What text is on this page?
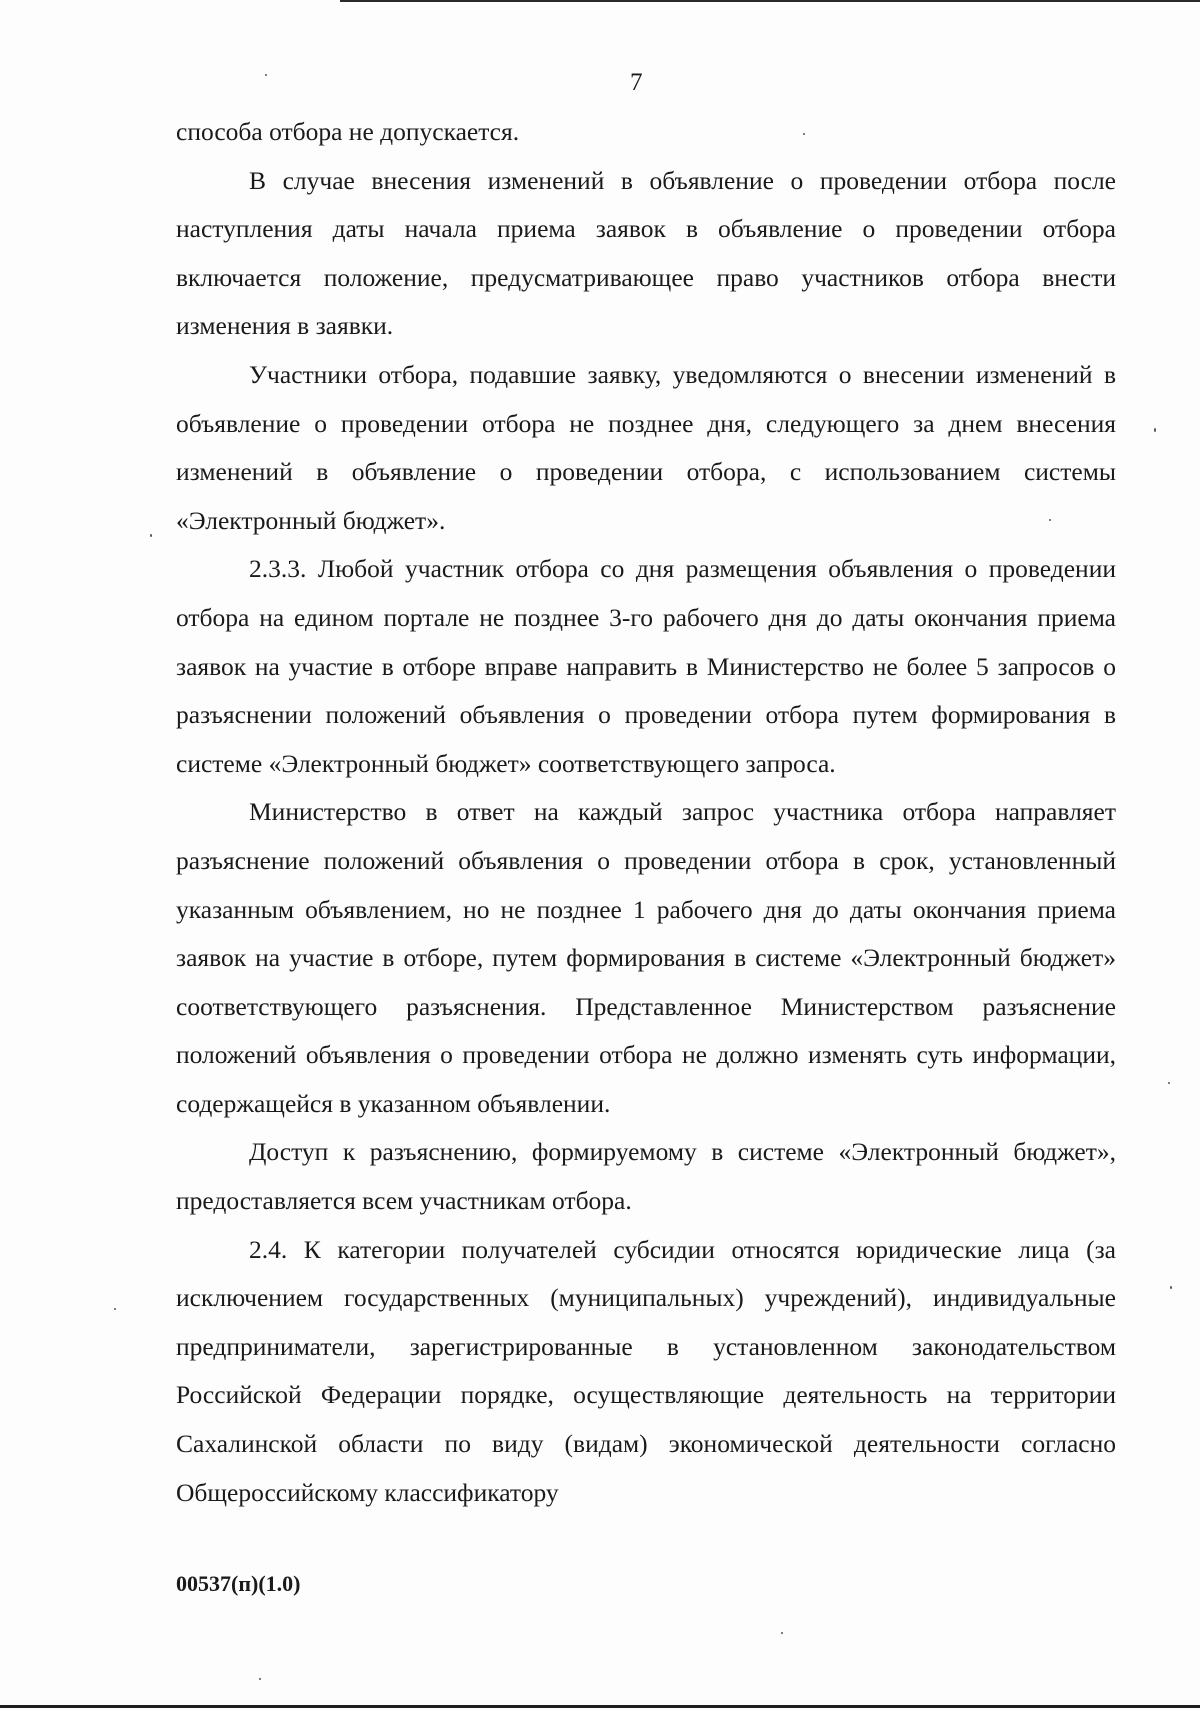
7

способа отбора не допускается.

В случае внесения изменений в объявление о проведении отбора после наступления даты начала приема заявок в объявление о проведении отбора включается положение, предусматривающее право участников отбора внести изменения в заявки.

Участники отбора, подавшие заявку, уведомляются о внесении изменений в объявление о проведении отбора не позднее дня, следующего за днем внесения изменений в объявление о проведении отбора, с использованием системы «Электронный бюджет».

2.3.3. Любой участник отбора со дня размещения объявления о проведении отбора на едином портале не позднее 3-го рабочего дня до даты окончания приема заявок на участие в отборе вправе направить в Министерство не более 5 запросов о разъяснении положений объявления о проведении отбора путем формирования в системе «Электронный бюджет» соответствующего запроса.

Министерство в ответ на каждый запрос участника отбора направляет разъяснение положений объявления о проведении отбора в срок, установленный указанным объявлением, но не позднее 1 рабочего дня до даты окончания приема заявок на участие в отборе, путем формирования в системе «Электронный бюджет» соответствующего разъяснения. Представленное Министерством разъяснение положений объявления о проведении отбора не должно изменять суть информации, содержащейся в указанном объявлении.

Доступ к разъяснению, формируемому в системе «Электронный бюджет», предоставляется всем участникам отбора.

2.4. К категории получателей субсидии относятся юридические лица (за исключением государственных (муниципальных) учреждений), индивидуальные предприниматели, зарегистрированные в установленном законодательством Российской Федерации порядке, осуществляющие деятельность на территории Сахалинской области по виду (видам) экономической деятельности согласно Общероссийскому классификатору

00537(п)(1.0)
